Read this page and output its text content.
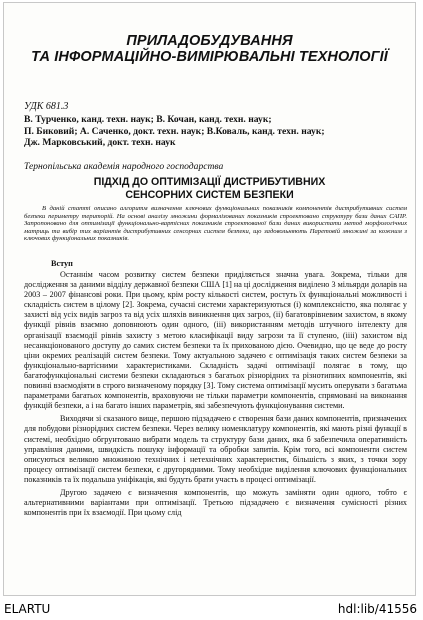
ПРИЛАДОБУДУВАННЯ
ТА ІНФОРМАЦІЙНО-ВИМІРЮВАЛЬНІ ТЕХНОЛОГІЇ
УДК 681.3
В. Турченко, канд. техн. наук; В. Кочан, канд. техн. наук;
П. Биковий; А. Саченко, докт. техн. наук; В.Коваль, канд. техн. наук;
Дж. Марковський, докт. техн. наук
Тернопільська академія народного господарства
ПІДХІД ДО ОПТИМІЗАЦІЇ ДИСТРИБУТИВНИХ
СЕНСОРНИХ СИСТЕМ БЕЗПЕКИ

В даній статті описано алгоритм визначення ключових функціональних показників компонентів дистрибутивних систем безпеки периметру територій. На основі аналізу множини формалізованих показників спроектовано структуру бази даних САПР. Запропоновано для оптимізації функціонально-вартісних показників спроектованої бази даних використати метод морфологічних матриць та вибір тих варіантів дистрибутивних сенсорних систем безпеки, що задовольняють Паретовій множині за кожним з ключових функціональних показників.

Вступ

Останнім часом розвитку систем безпеки приділяється значна увага. Зокрема, тільки для дослідження за даними відділу державної безпеки США [1] на ці дослідження виділено 3 мільярди доларів на 2003 – 2007 фінансові роки. При цьому, крім росту кількості систем, ростуть їх функціональні можливості і складність систем в цілому [2]. Зокрема, сучасні системи характеризуються (і) комплексністю, яка полягає у захисті від усіх видів загроз та від усіх шляхів виникнення цих загроз, (іі) багатоврівневим захистом, в якому функції рівнів взаємно доповнюють один одного, (ііі) використанням методів штучного інтелекту для організації взаємодії рівнів захисту з метою класифікації виду загрози та її ступеню, (іііі) захистом від несанкціонованого доступу до самих систем безпеки та їх прихованою дією. Очевидно, що це веде до росту ціни окремих реалізацій систем безпеки. Тому актуальною задачею є оптимізація таких систем безпеки за функціонально-вартісними характеристиками. Складність задачі оптимізації полягає в тому, що багатофункціональні системи безпеки складаються з багатьох різнорідних та різнотипних компонентів, які повинні взаємодіяти в строго визначеному порядку [3]. Тому система оптимізації мусить оперувати з багатьма параметрами багатьох компонентів, враховуючи не тільки параметри компонентів, спрямовані на виконання функцій безпеки, а і на багато інших параметрів, які забезпечують функціонування системи.

Виходячи зі сказаного вище, першою підзадачею є створення бази даних компонентів, призначених для побудови різнорідних систем безпеки. Через велику номенклатуру компонентів, які мають різні функції в системі, необхідно обгрунтовано вибрати модель та структуру бази даних, яка б забезпечила оперативність управління даними, швидкість пошуку інформації та обробки запитів. Крім того, всі компоненти систем описуються великою множиною технічних і нетехнічних характеристик, більшість з яких, з точки зору процесу оптимізації систем безпеки, є другорядними. Тому необхідне виділення ключових функціональних показників та їх подальша уніфікація, які будуть брати участь в процесі оптимізації.

Другою задачею є визначення компонентів, що можуть заміняти один одного, тобто є альтернативними варіантами при оптимізації. Третьою підзадачею є визначення сумісності різних компонентів при їх взаємодії. При цьому слід

ELARTU	hdl:lib/41556
